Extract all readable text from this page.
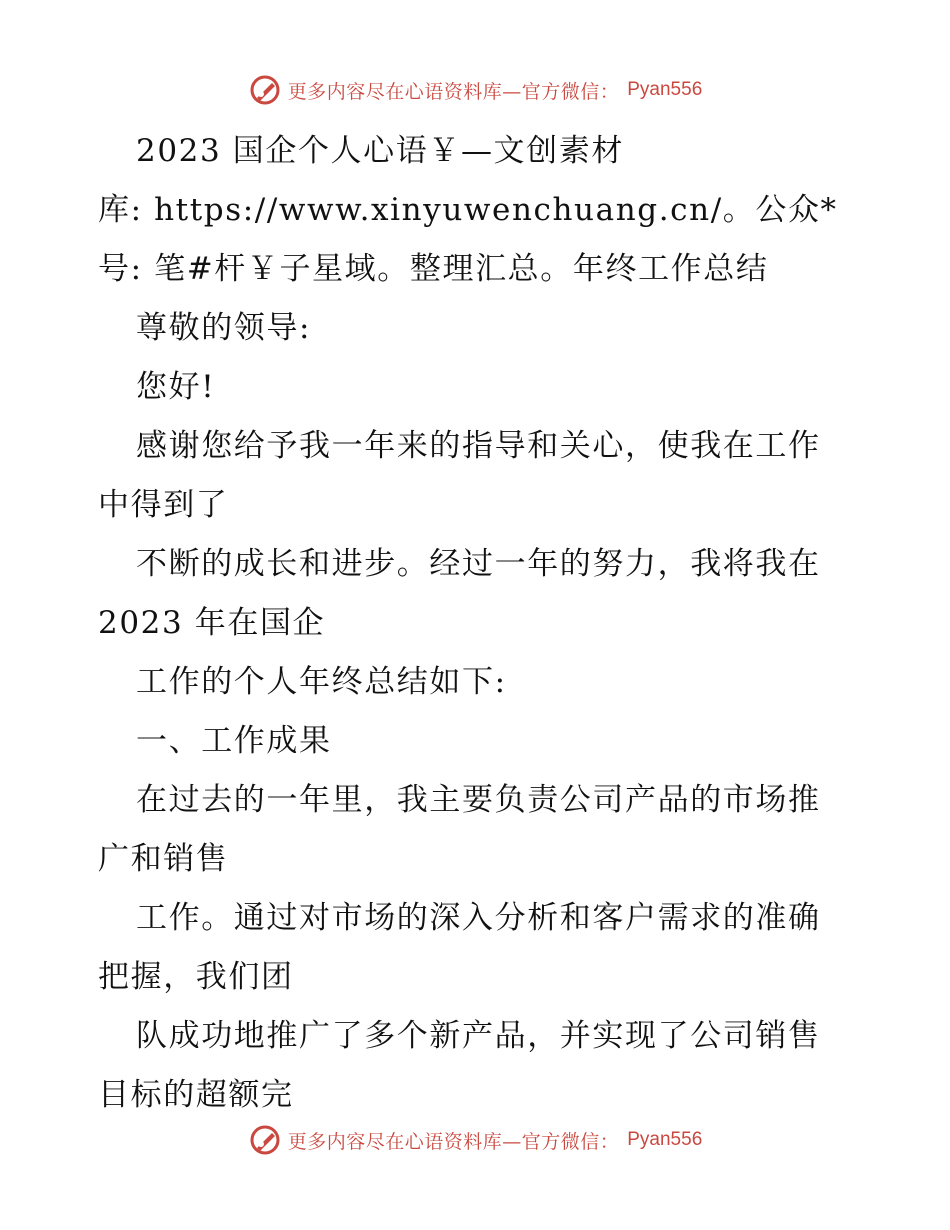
更多内容尽在心语资料库—官方微信： Pyan556
2023 国企个人心语￥—文创素材
库: https://www.xinyuwenchuang.cn/。公众*
号: 笔#杆￥子星域。整理汇总。年终工作总结
尊敬的领导:
您好!
感谢您给予我一年来的指导和关心，使我在工作
中得到了
不断的成长和进步。经过一年的努力，我将我在
2023 年在国企
工作的个人年终总结如下:
一、工作成果
在过去的一年里，我主要负责公司产品的市场推
广和销售
工作。通过对市场的深入分析和客户需求的准确
把握，我们团
队成功地推广了多个新产品，并实现了公司销售
目标的超额完
更多内容尽在心语资料库—官方微信： Pyan556
